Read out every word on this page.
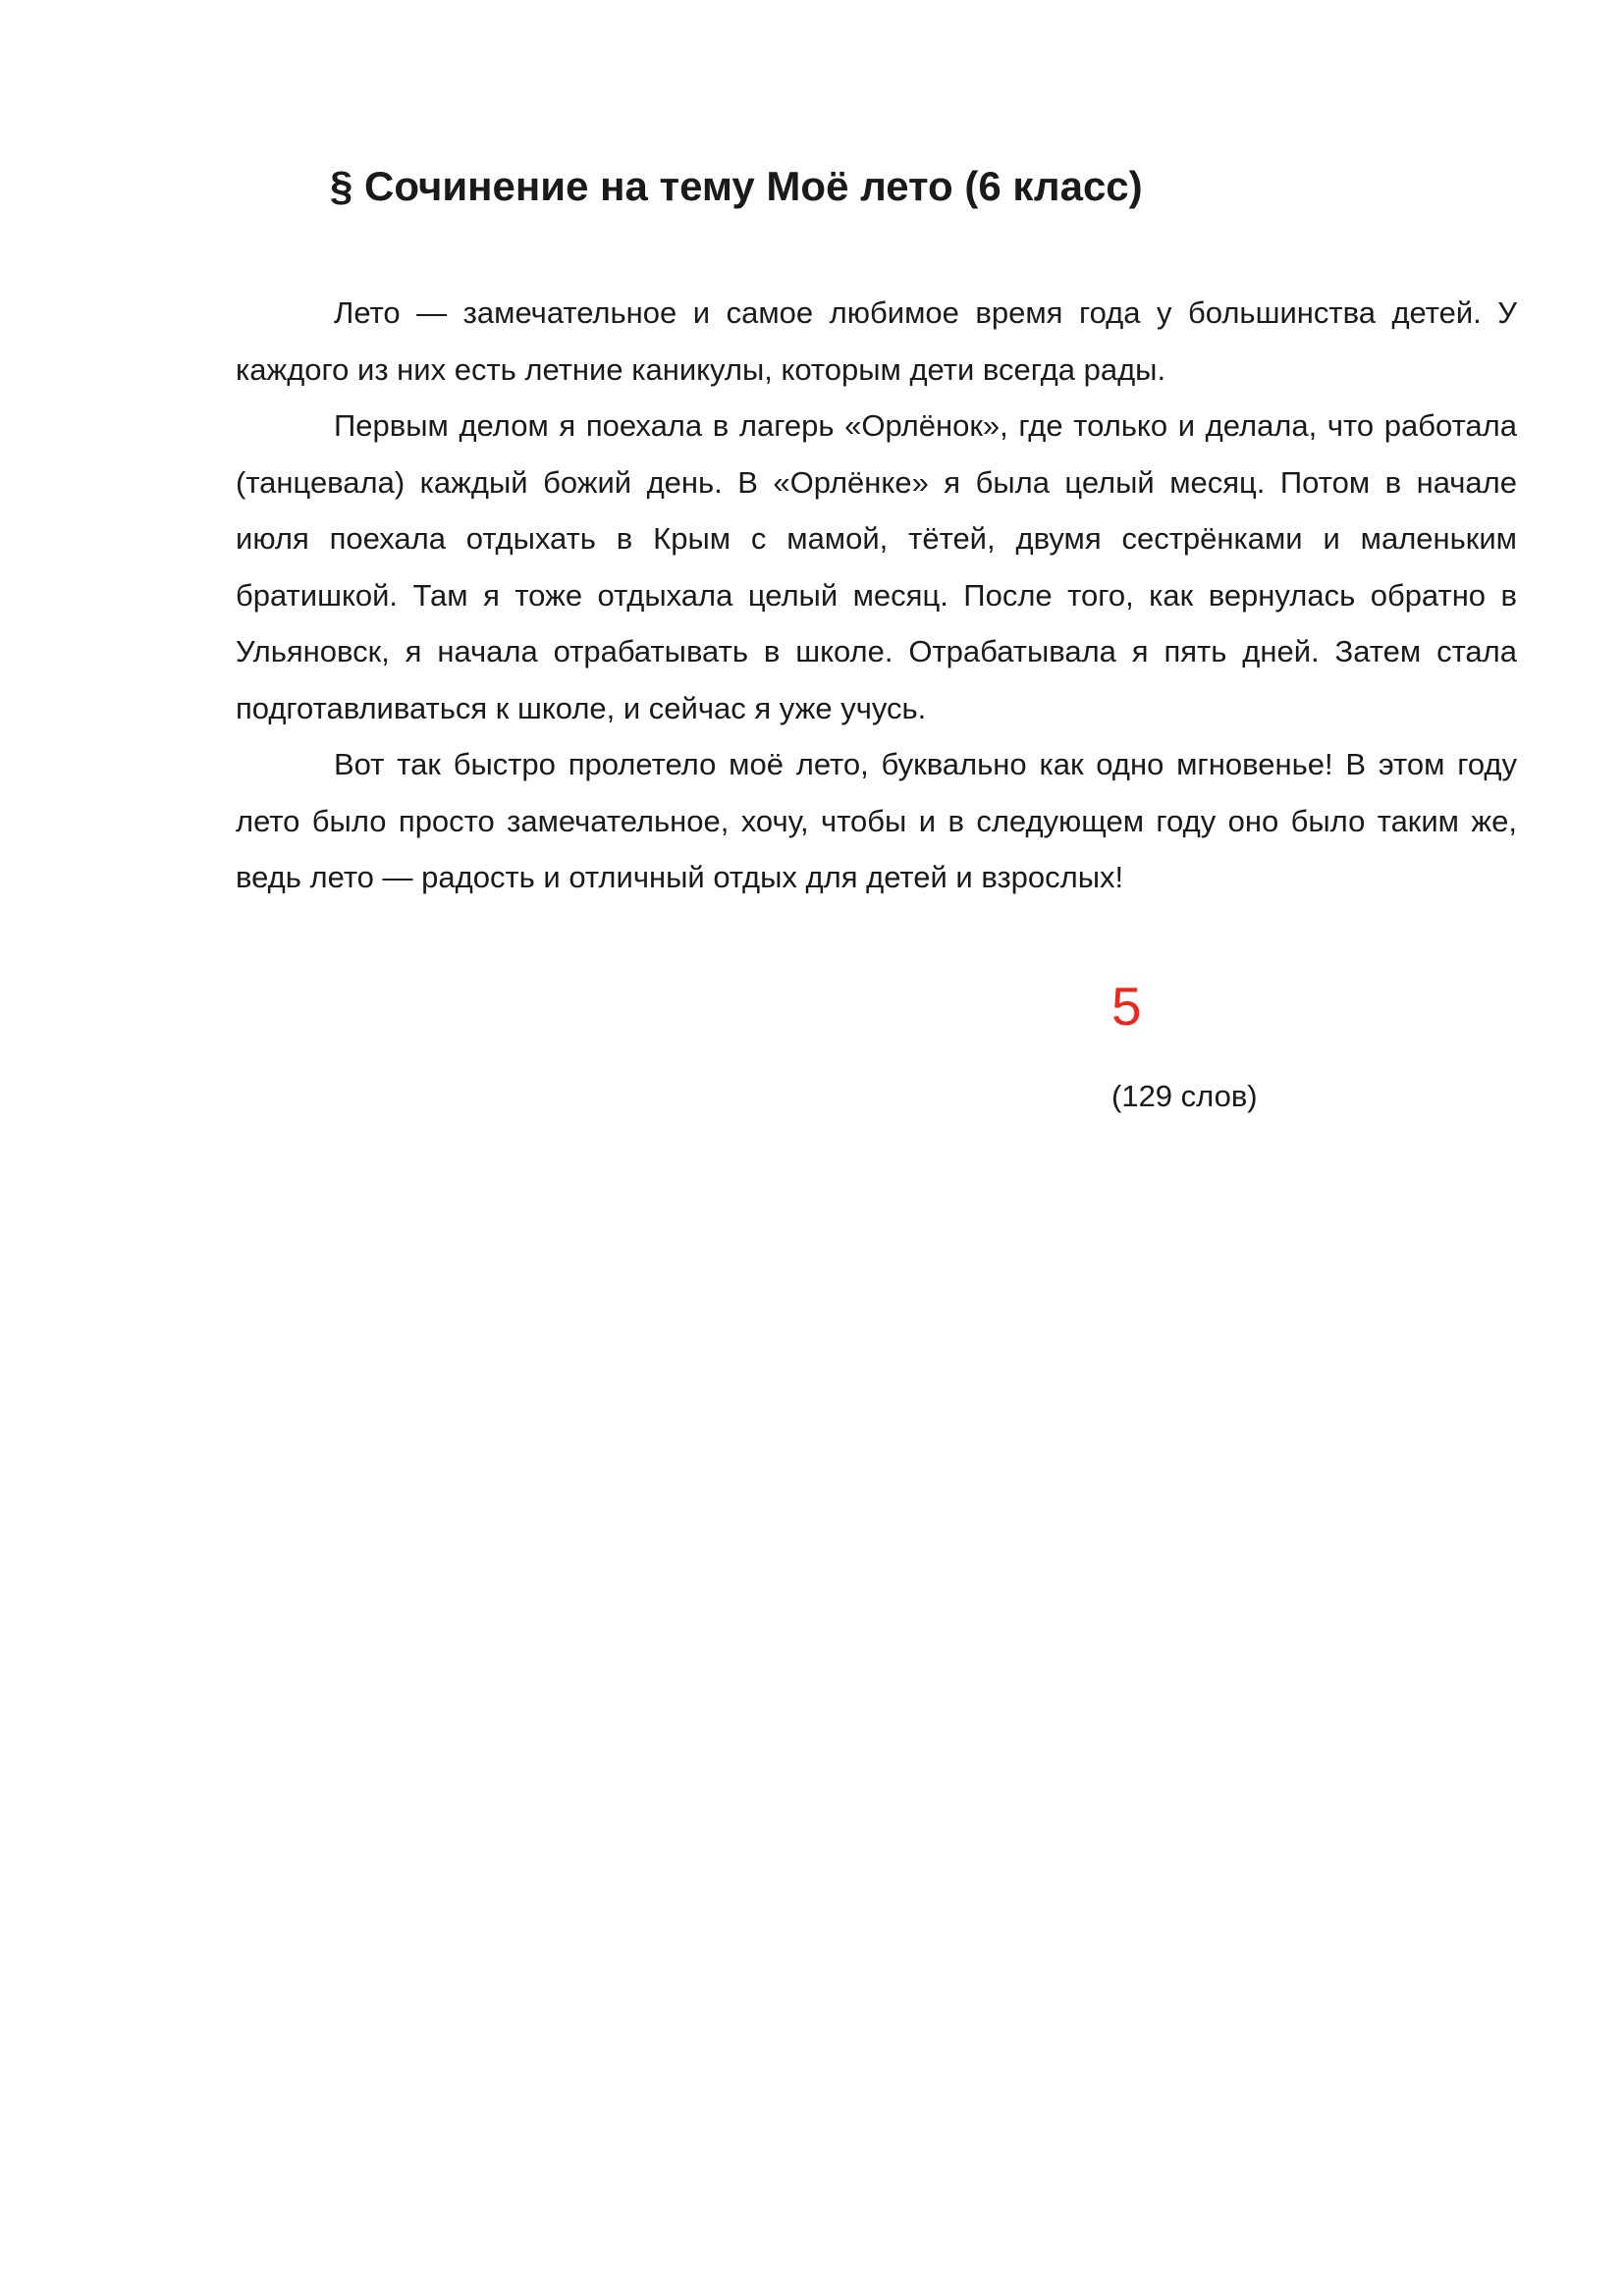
§ Сочинение на тему Моё лето (6 класс)

Лето — замечательное и самое любимое время года у большинства детей. У каждого из них есть летние каникулы, которым дети всегда рады.

Первым делом я поехала в лагерь «Орлёнок», где только и делала, что работала (танцевала) каждый божий день. В «Орлёнке» я была целый месяц. Потом в начале июля поехала отдыхать в Крым с мамой, тётей, двумя сестрёнками и маленьким братишкой. Там я тоже отдыхала целый месяц. После того, как вернулась обратно в Ульяновск, я начала отрабатывать в школе. Отрабатывала я пять дней. Затем стала подготавливаться к школе, и сейчас я уже учусь.

Вот так быстро пролетело моё лето, буквально как одно мгновенье! В этом году лето было просто замечательное, хочу, чтобы и в следующем году оно было таким же, ведь лето — радость и отличный отдых для детей и взрослых!

5
(129 слов)
